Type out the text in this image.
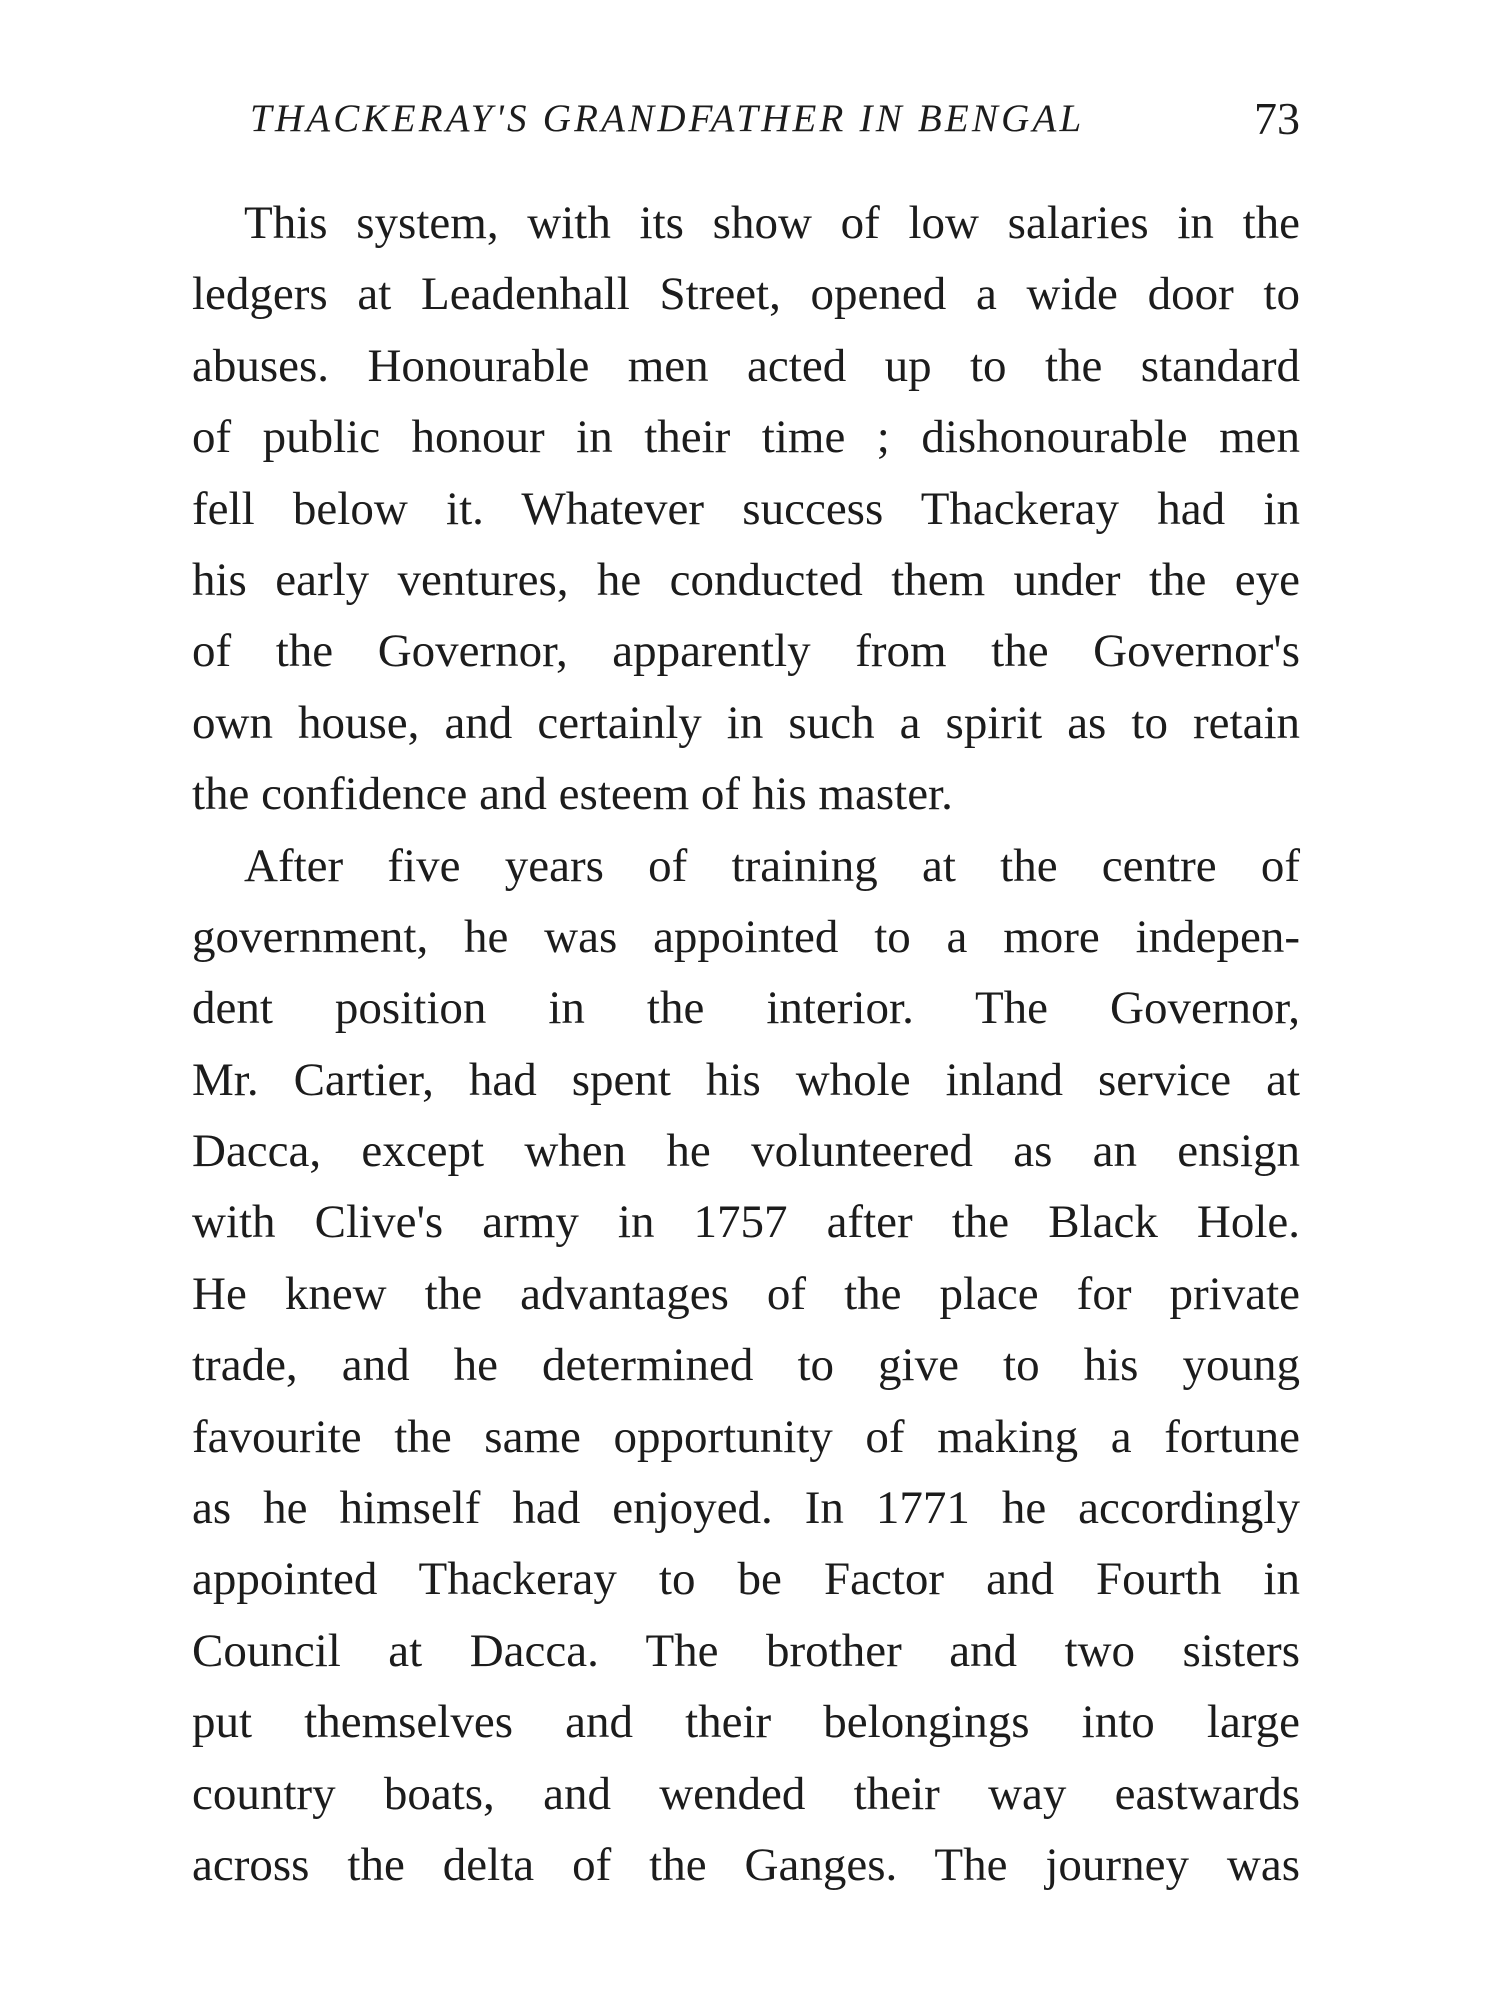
THACKERAY'S GRANDFATHER IN BENGAL	73
This system, with its show of low salaries in the
ledgers at Leadenhall Street, opened a wide door to
abuses. Honourable men acted up to the standard
of public honour in their time ; dishonourable men
fell below it. Whatever success Thackeray had in
his early ventures, he conducted them under the eye
of the Governor, apparently from the Governor's
own house, and certainly in such a spirit as to retain
the confidence and esteem of his master.
After five years of training at the centre of
government, he was appointed to a more indepen-
dent position in the interior. The Governor,
Mr. Cartier, had spent his whole inland service at
Dacca, except when he volunteered as an ensign
with Clive's army in 1757 after the Black Hole.
He knew the advantages of the place for private
trade, and he determined to give to his young
favourite the same opportunity of making a fortune
as he himself had enjoyed. In 1771 he accordingly
appointed Thackeray to be Factor and Fourth in
Council at Dacca. The brother and two sisters
put themselves and their belongings into large
country boats, and wended their way eastwards
across the delta of the Ganges. The journey was
